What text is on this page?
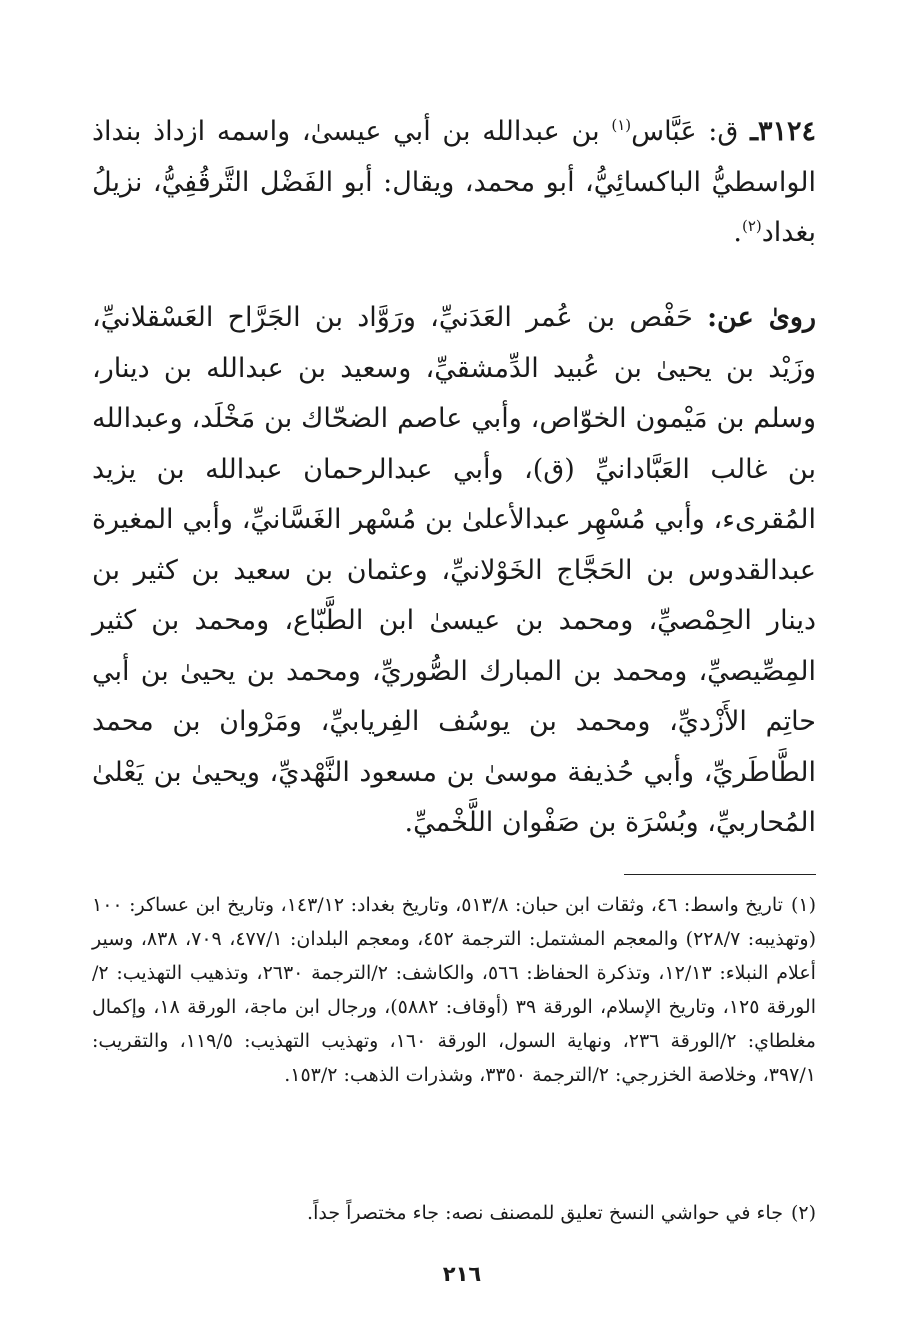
٣١٢٤ـ ق: عَبَّاس$^{(١)}$ بن عبدالله بن أبي عيسىٰ، واسمه ازداذ بنداذ الواسطيُّ الباكسائِيُّ، أبو محمد، ويقال: أبو الفَضْل التَّرقُفِيُّ، نزيلُ بغداد$^{(٢)}$.

روىٰ عن: حَفْص بن عُمر العَدَنيِّ، ورَوَّاد بن الجَرَّاح العَسْقلانيِّ، وزَيْد بن يحيىٰ بن عُبيد الدِّمشقيِّ، وسعيد بن عبدالله بن دينار، وسلم بن مَيْمون الخوّاص، وأبي عاصم الضحّاك بن مَخْلَد، وعبدالله بن غالب العَبَّادانيِّ (ق)، وأبي عبدالرحمان عبدالله بن يزيد المُقرىء، وأبي مُسْهِر عبدالأعلىٰ بن مُسْهر الغَسَّانيِّ، وأبي المغيرة عبدالقدوس بن الحَجَّاج الخَوْلانيِّ، وعثمان بن سعيد بن كثير بن دينار الحِمْصيِّ، ومحمد بن عيسىٰ ابن الطَّبّاع، ومحمد بن كثير المِصِّيصيِّ، ومحمد بن المبارك الصُّوريِّ، ومحمد بن يحيىٰ بن أبي حاتِم الأَزْديِّ، ومحمد بن يوسُف الفِريابيِّ، ومَرْوان بن محمد الطَّاطَريِّ، وأبي حُذيفة موسىٰ بن مسعود النَّهْديِّ، ويحيىٰ بن يَعْلىٰ المُحاربيِّ، وبُسْرَة بن صَفْوان اللَّخْميِّ.

(١)تاريخ واسط: ٤٦، وثقات ابن حبان: ٥١٣/٨، وتاريخ بغداد: ١٤٣/١٢، وتاريخ ابن عساكر: ١٠٠ (وتهذيبه: ٢٢٨/٧) والمعجم المشتمل: الترجمة ٤٥٢، ومعجم البلدان: ٤٧٧/١، ٧٠٩، ٨٣٨، وسير أعلام النبلاء: ١٢/١٣، وتذكرة الحفاظ: ٥٦٦، والكاشف: ٢/الترجمة ٢٦٣٠، وتذهيب التهذيب: ٢/الورقة ١٢٥، وتاريخ الإسلام، الورقة ٣٩ (أوقاف: ٥٨٨٢)، ورجال ابن ماجة، الورقة ١٨، وإكمال مغلطاي: ٢/الورقة ٢٣٦، ونهاية السول، الورقة ١٦٠، وتهذيب التهذيب: ١١٩/٥، والتقريب: ٣٩٧/١، وخلاصة الخزرجي: ٢/الترجمة ٣٣٥٠، وشذرات الذهب: ١٥٣/٢.

(٢)جاء في حواشي النسخ تعليق للمصنف نصه: جاء مختصراً جداً.

٢١٦
